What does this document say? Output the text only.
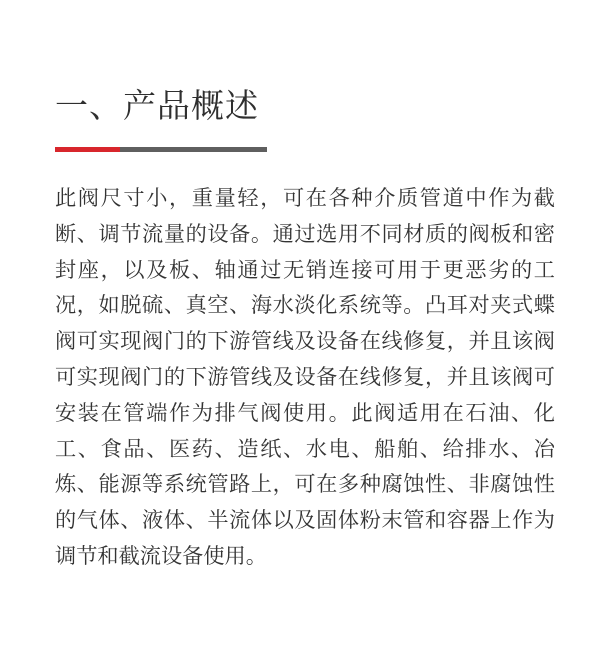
一、产品概述

此阀尺寸小，重量轻，可在各种介质管道中作为截断、调节流量的设备。通过选用不同材质的阀板和密封座，以及板、轴通过无销连接可用于更恶劣的工况，如脱硫、真空、海水淡化系统等。凸耳对夹式蝶阀可实现阀门的下游管线及设备在线修复，并且该阀可实现阀门的下游管线及设备在线修复，并且该阀可安装在管端作为排气阀使用。此阀适用在石油、化工、食品、医药、造纸、水电、船舶、给排水、冶炼、能源等系统管路上，可在多种腐蚀性、非腐蚀性的气体、液体、半流体以及固体粉末管和容器上作为调节和截流设备使用。
